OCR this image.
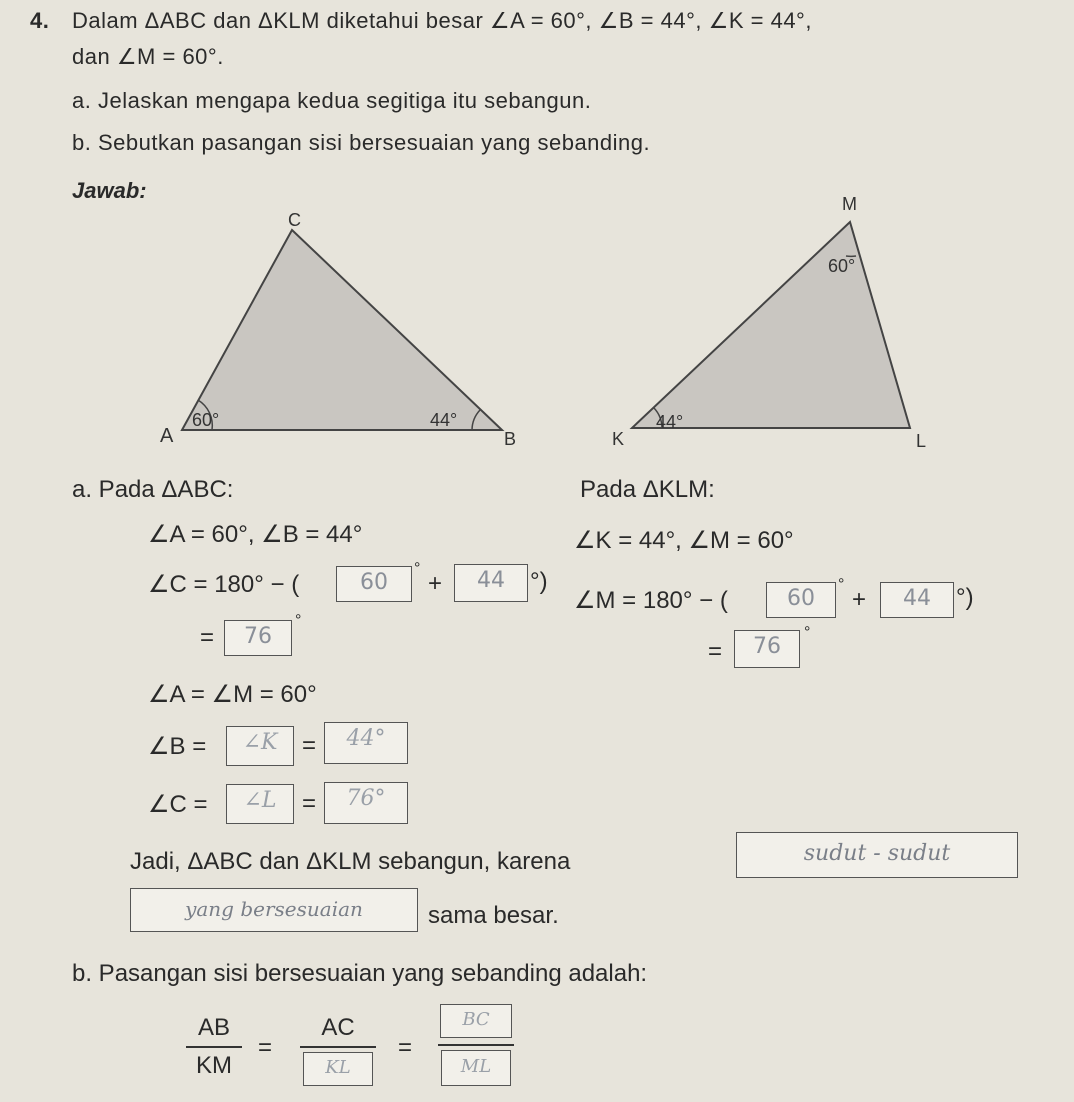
4. Dalam ΔABC dan ΔKLM diketahui besar ∠A = 60°, ∠B = 44°, ∠K = 44°,
dan ∠M = 60°.
a. Jelaskan mengapa kedua segitiga itu sebangun.
b. Sebutkan pasangan sisi bersesuaian yang sebanding.
Jawab:
C
A	B
60°	44°
M
K	L
60°
44°
a. Pada ΔABC:
∠A = 60°, ∠B = 44°
∠C = 180° − (	60
°
+	44	°)
=	76
°
Pada ΔKLM:
∠K = 44°, ∠M = 60°
∠M = 180° − (	60
°
+	44	°)
=	76
°
∠A = ∠M = 60°
∠B =	∠K	=	44°
∠C =	∠L	=	76°
Jadi, ΔABC dan ΔKLM sebangun, karena	sudut - sudut
yang bersesuaian	sama besar.
b. Pasangan sisi bersesuaian yang sebanding adalah:
AB
KM
=
AC
KL
= $\frac{BC}{ML}$
